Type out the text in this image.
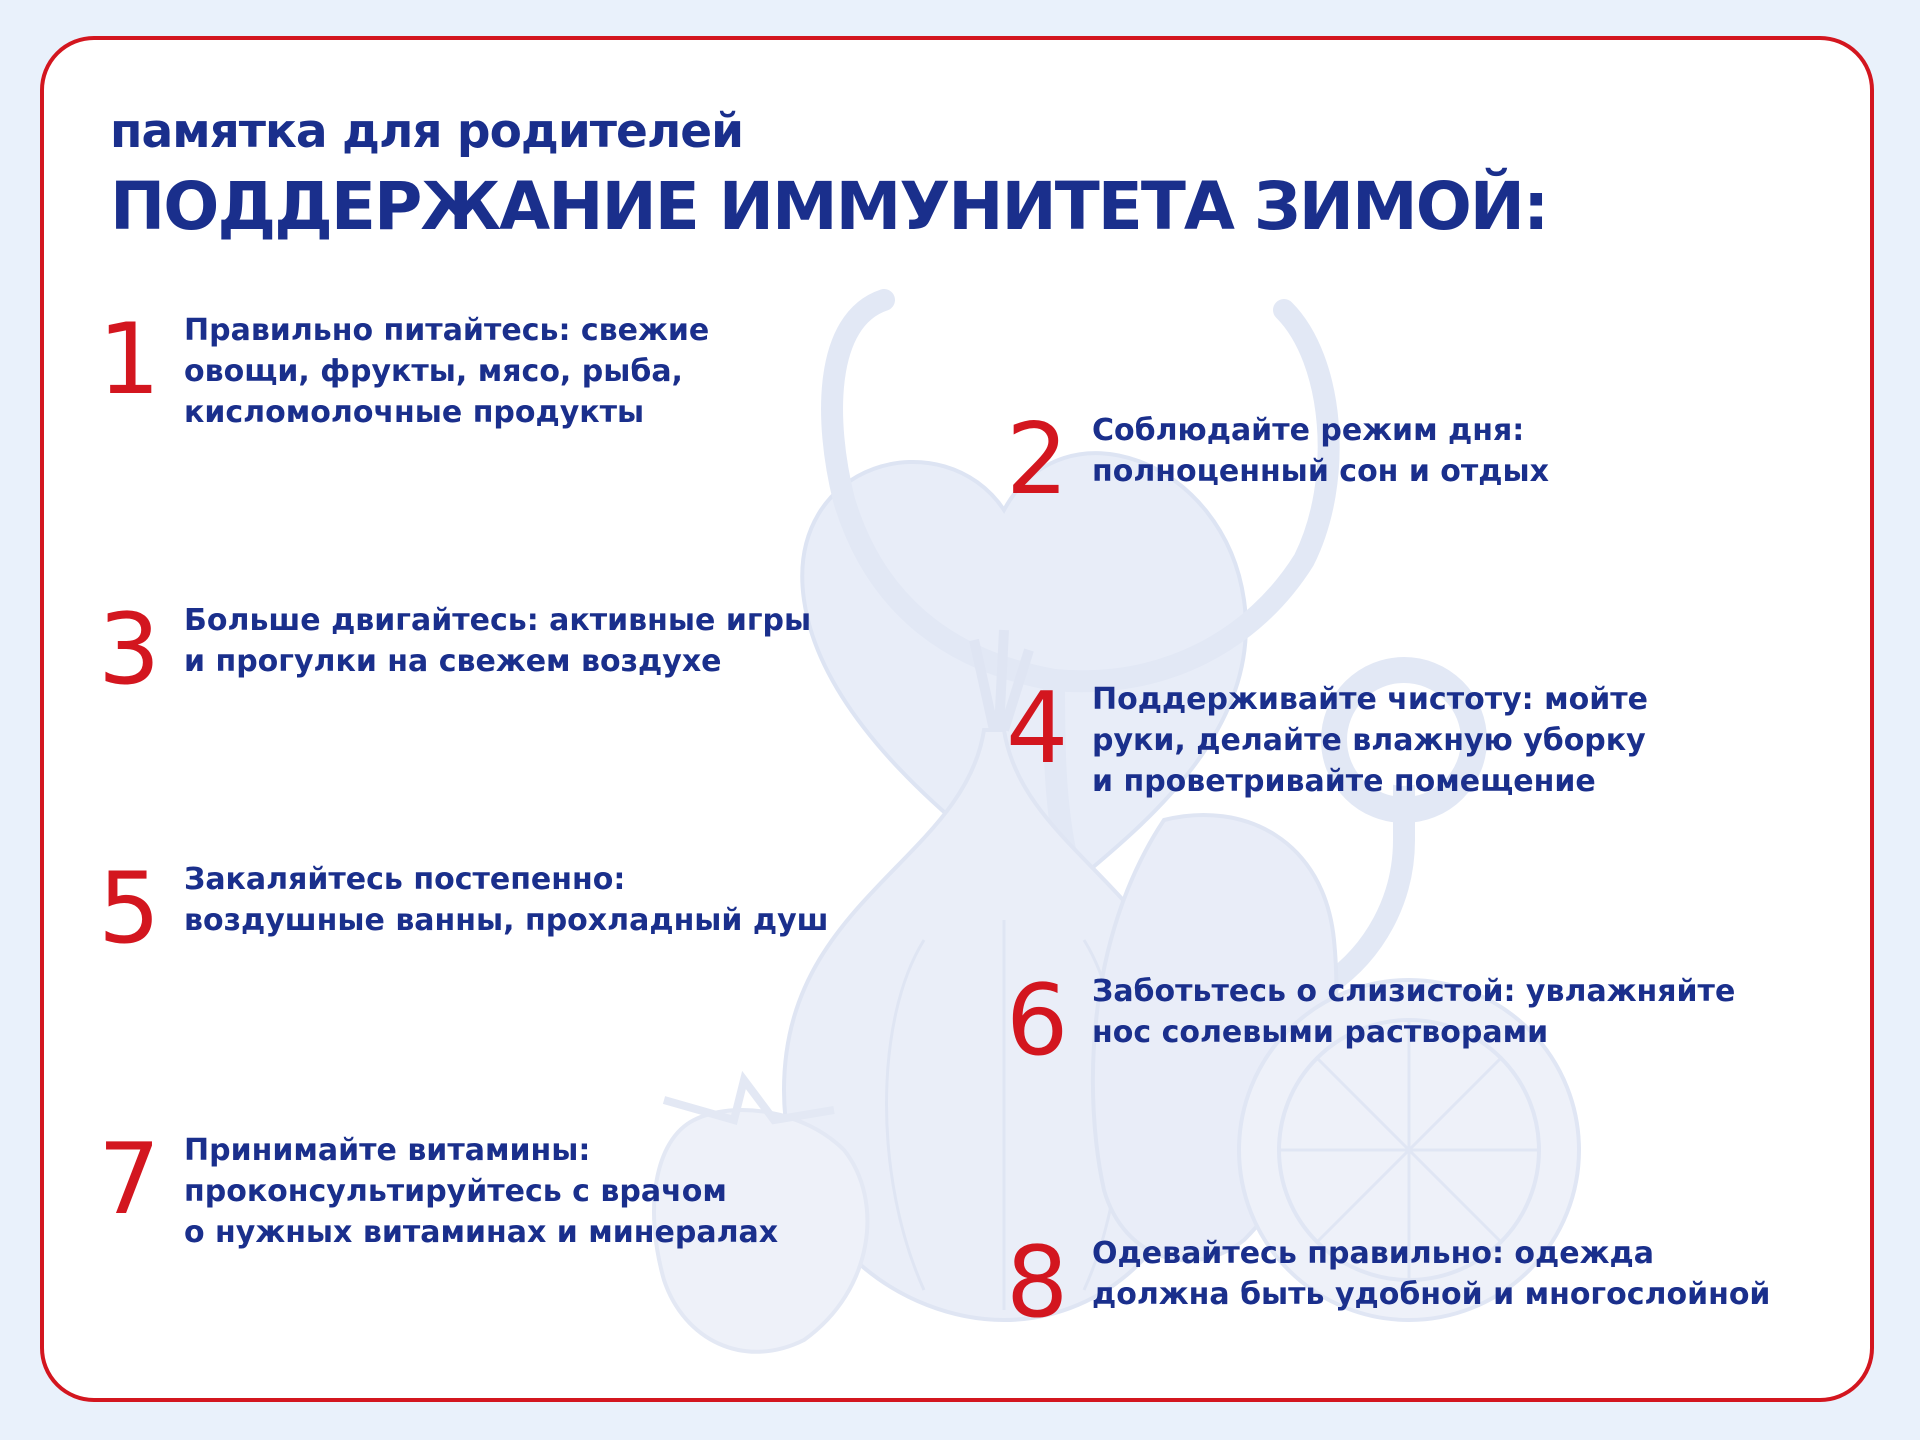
памятка для родителей
ПОДДЕРЖАНИЕ ИММУНИТЕТА ЗИМОЙ:
1 Правильно питайтесь: свежие
овощи, фрукты, мясо, рыба,
кисломолочные продукты	2 Соблюдайте режим дня:
полноценный сон и отдых
3 Больше двигайтесь: активные игры
и прогулки на свежем воздухе
4 Поддерживайте чистоту: мойте
руки, делайте влажную уборку
и проветривайте помещение
5 Закаляйтесь постепенно:
воздушные ванны, прохладный душ
6 Заботьтесь о слизистой: увлажняйте
нос солевыми растворами
7 Принимайте витамины:
проконсультируйтесь с врачом
о нужных витаминах и минералах	8 Одевайтесь правильно: одежда
должна быть удобной и многослойной
